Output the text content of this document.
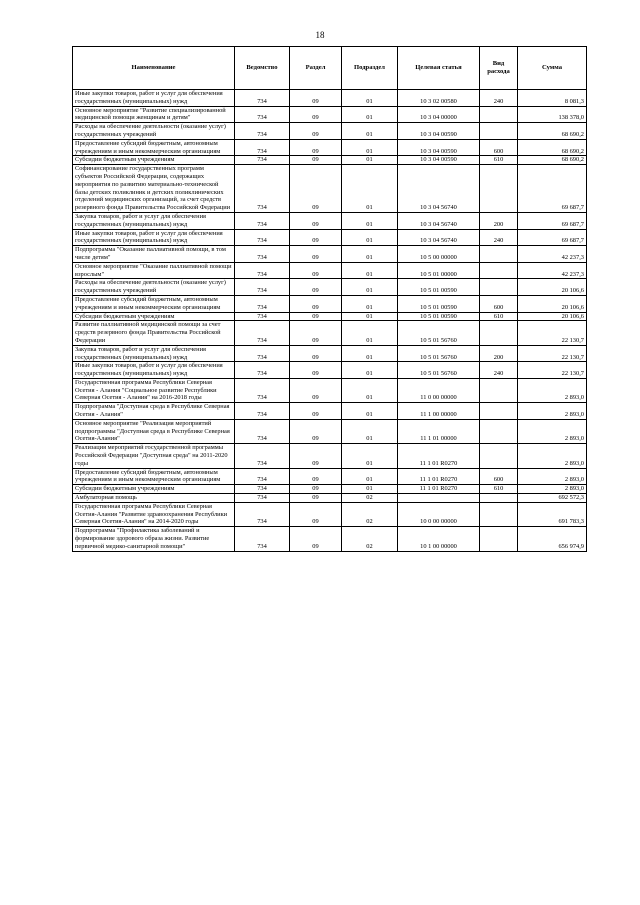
18
Наименование	Ведомство	Раздел	Подраздел	Целевая статья	Вид расхода	Сумма
Иные закупки товаров, работ и услуг для обеспечения государственных (муниципальных) нужд	734	09	01	10 3 02 00580	240	8 081,3
Основное мероприятие "Развитие специализированной медицинской помощи женщинам и детям"	734	09	01	10 3 04 00000		138 378,0
Расходы на обеспечение деятельности (оказание услуг) государственных учреждений	734	09	01	10 3 04 00590		68 690,2
Предоставление субсидий бюджетным, автономным учреждениям и иным некоммерческим организациям	734	09	01	10 3 04 00590	600	68 690,2
Субсидии бюджетным учреждениям	734	09	01	10 3 04 00590	610	68 690,2
Софинансирование государственных программ субъектов Российской Федерации, содержащих мероприятия по развитию материально-технической базы детских поликлиник и детских поликлинических отделений медицинских организаций, за счет средств резервного фонда Правительства Российской Федерации	734	09	01	10 3 04 56740		69 687,7
Закупка товаров, работ и услуг для обеспечения государственных (муниципальных) нужд	734	09	01	10 3 04 56740	200	69 687,7
Иные закупки товаров, работ и услуг для обеспечения государственных (муниципальных) нужд	734	09	01	10 3 04 56740	240	69 687,7
Подпрограмма "Оказание паллиативной помощи, в том числе детям"	734	09	01	10 5 00 00000		42 237,3
Основное мероприятие "Оказание паллиативной помощи взрослым"	734	09	01	10 5 01 00000		42 237,3
Расходы на обеспечение деятельности (оказание услуг) государственных учреждений	734	09	01	10 5 01 00590		20 106,6
Предоставление субсидий бюджетным, автономным учреждениям и иным некоммерческим организациям	734	09	01	10 5 01 00590	600	20 106,6
Субсидии бюджетным учреждениям	734	09	01	10 5 01 00590	610	20 106,6
Развитие паллиативной медицинской помощи за счет средств резервного фонда Правительства Российской Федерации	734	09	01	10 5 01 56760		22 130,7
Закупка товаров, работ и услуг для обеспечения государственных (муниципальных) нужд	734	09	01	10 5 01 56760	200	22 130,7
Иные закупки товаров, работ и услуг для обеспечения государственных (муниципальных) нужд	734	09	01	10 5 01 56760	240	22 130,7
Государственная программа Республики Северная Осетия - Алания "Социальное развитие Республики Северная Осетия - Алания" на 2016-2018 годы	734	09	01	11 0 00 00000		2 893,0
Подпрограмма "Доступная среда в Республике Северная Осетия - Алания"	734	09	01	11 1 00 00000		2 893,0
Основное мероприятие "Реализация мероприятий подпрограммы "Доступная среда в Республике Северная Осетия-Алания"	734	09	01	11 1 01 00000		2 893,0
Реализация мероприятий государственной программы Российской Федерации "Доступная среда" на 2011-2020 годы	734	09	01	11 1 01 R0270		2 893,0
Предоставление субсидий бюджетным, автономным учреждениям и иным некоммерческим организациям	734	09	01	11 1 01 R0270	600	2 893,0
Субсидии бюджетным учреждениям	734	09	01	11 1 01 R0270	610	2 893,0
Амбулаторная помощь	734	09	02			692 572,3
Государственная программа Республики Северная Осетия-Алания "Развитие здравоохранения Республики Северная Осетия-Алания" на 2014-2020 годы	734	09	02	10 0 00 00000		691 783,3
Подпрограмма "Профилактика заболеваний и формирование здорового образа жизни. Развитие первичной медико-санитарной помощи"	734	09	02	10 1 00 00000		656 974,9
